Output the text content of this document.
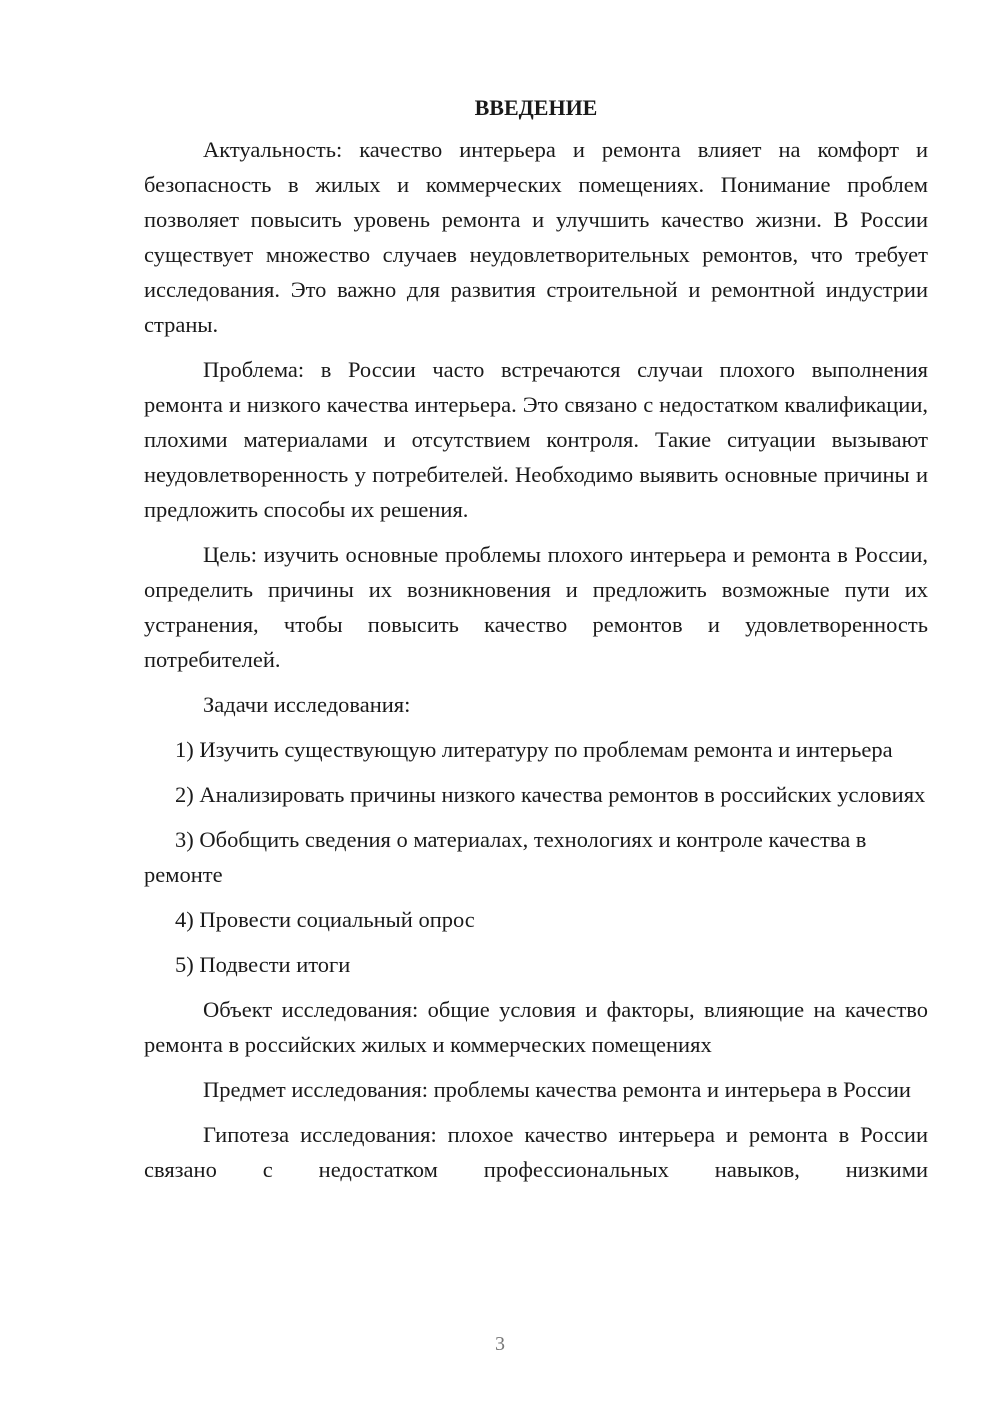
ВВЕДЕНИЕ

Актуальность: качество интерьера и ремонта влияет на комфорт и безопасность в жилых и коммерческих помещениях. Понимание проблем позволяет повысить уровень ремонта и улучшить качество жизни. В России существует множество случаев неудовлетворительных ремонтов, что требует исследования. Это важно для развития строительной и ремонтной индустрии страны.

Проблема: в России часто встречаются случаи плохого выполнения ремонта и низкого качества интерьера. Это связано с недостатком квалификации, плохими материалами и отсутствием контроля. Такие ситуации вызывают неудовлетворенность у потребителей. Необходимо выявить основные причины и предложить способы их решения.

Цель: изучить основные проблемы плохого интерьера и ремонта в России, определить причины их возникновения и предложить возможные пути их устранения, чтобы повысить качество ремонтов и удовлетворенность потребителей.

Задачи исследования:

1) Изучить существующую литературу по проблемам ремонта и интерьера

2) Анализировать причины низкого качества ремонтов в российских условиях

3) Обобщить сведения о материалах, технологиях и контроле качества в ремонте

4) Провести социальный опрос

5) Подвести итоги

Объект исследования: общие условия и факторы, влияющие на качество ремонта в российских жилых и коммерческих помещениях

Предмет исследования: проблемы качества ремонта и интерьера в России

Гипотеза исследования: плохое качество интерьера и ремонта в России связано с недостатком профессиональных навыков, низкими

3
